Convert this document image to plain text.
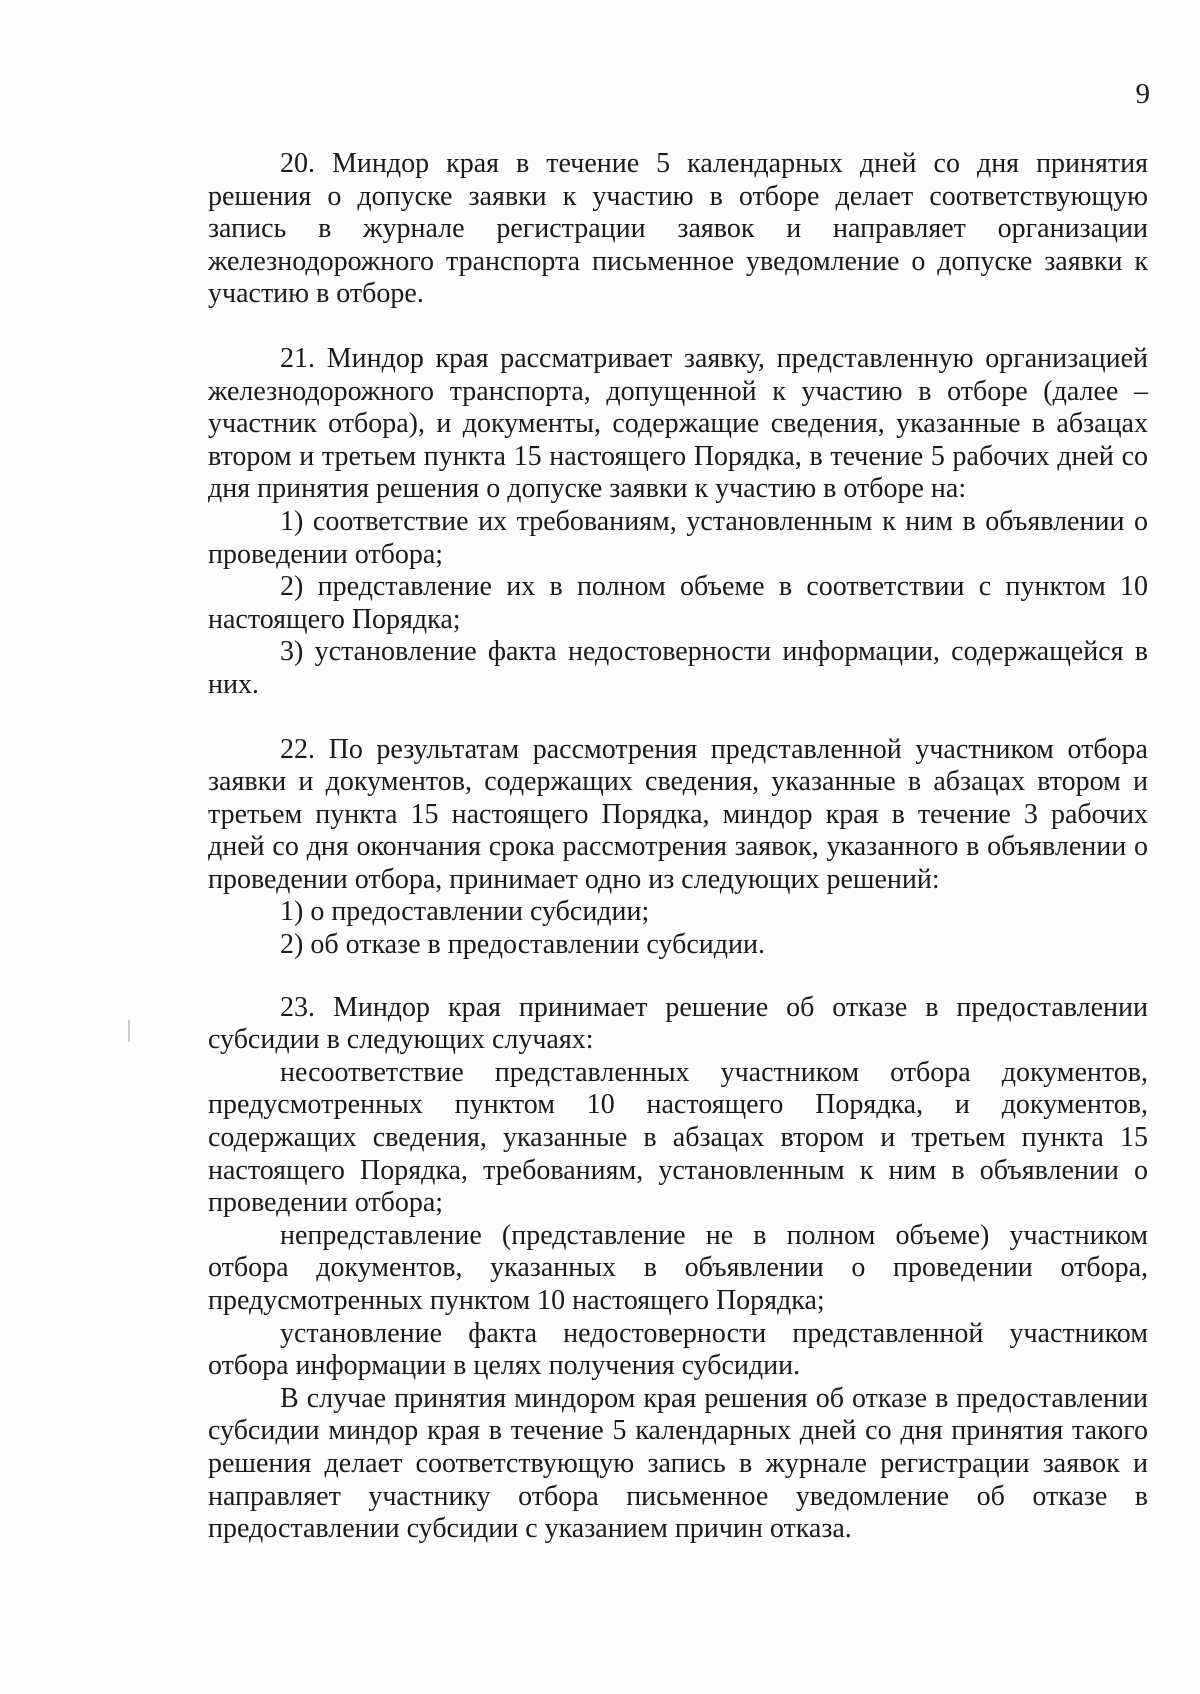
9

20. Миндор края в течение 5 календарных дней со дня принятия решения о допуске заявки к участию в отборе делает соответствующую запись в журнале регистрации заявок и направляет организации железнодорожного транспорта письменное уведомление о допуске заявки к участию в отборе.

21. Миндор края рассматривает заявку, представленную организацией железнодорожного транспорта, допущенной к участию в отборе (далее – участник отбора), и документы, содержащие сведения, указанные в абзацах втором и третьем пункта 15 настоящего Порядка, в течение 5 рабочих дней со дня принятия решения о допуске заявки к участию в отборе на:

1) соответствие их требованиям, установленным к ним в объявлении о проведении отбора;

2) представление их в полном объеме в соответствии с пунктом 10 настоящего Порядка;

3) установление факта недостоверности информации, содержащейся в них.

22. По результатам рассмотрения представленной участником отбора заявки и документов, содержащих сведения, указанные в абзацах втором и третьем пункта 15 настоящего Порядка, миндор края в течение 3 рабочих дней со дня окончания срока рассмотрения заявок, указанного в объявлении о проведении отбора, принимает одно из следующих решений:

1) о предоставлении субсидии;

2) об отказе в предоставлении субсидии.

23. Миндор края принимает решение об отказе в предоставлении субсидии в следующих случаях:

несоответствие представленных участником отбора документов, предусмотренных пунктом 10 настоящего Порядка, и документов, содержащих сведения, указанные в абзацах втором и третьем пункта 15 настоящего Порядка, требованиям, установленным к ним в объявлении о проведении отбора;

непредставление (представление не в полном объеме) участником отбора документов, указанных в объявлении о проведении отбора, предусмотренных пунктом 10 настоящего Порядка;

установление факта недостоверности представленной участником отбора информации в целях получения субсидии.

В случае принятия миндором края решения об отказе в предоставлении субсидии миндор края в течение 5 календарных дней со дня принятия такого решения делает соответствующую запись в журнале регистрации заявок и направляет участнику отбора письменное уведомление об отказе в предоставлении субсидии с указанием причин отказа.
